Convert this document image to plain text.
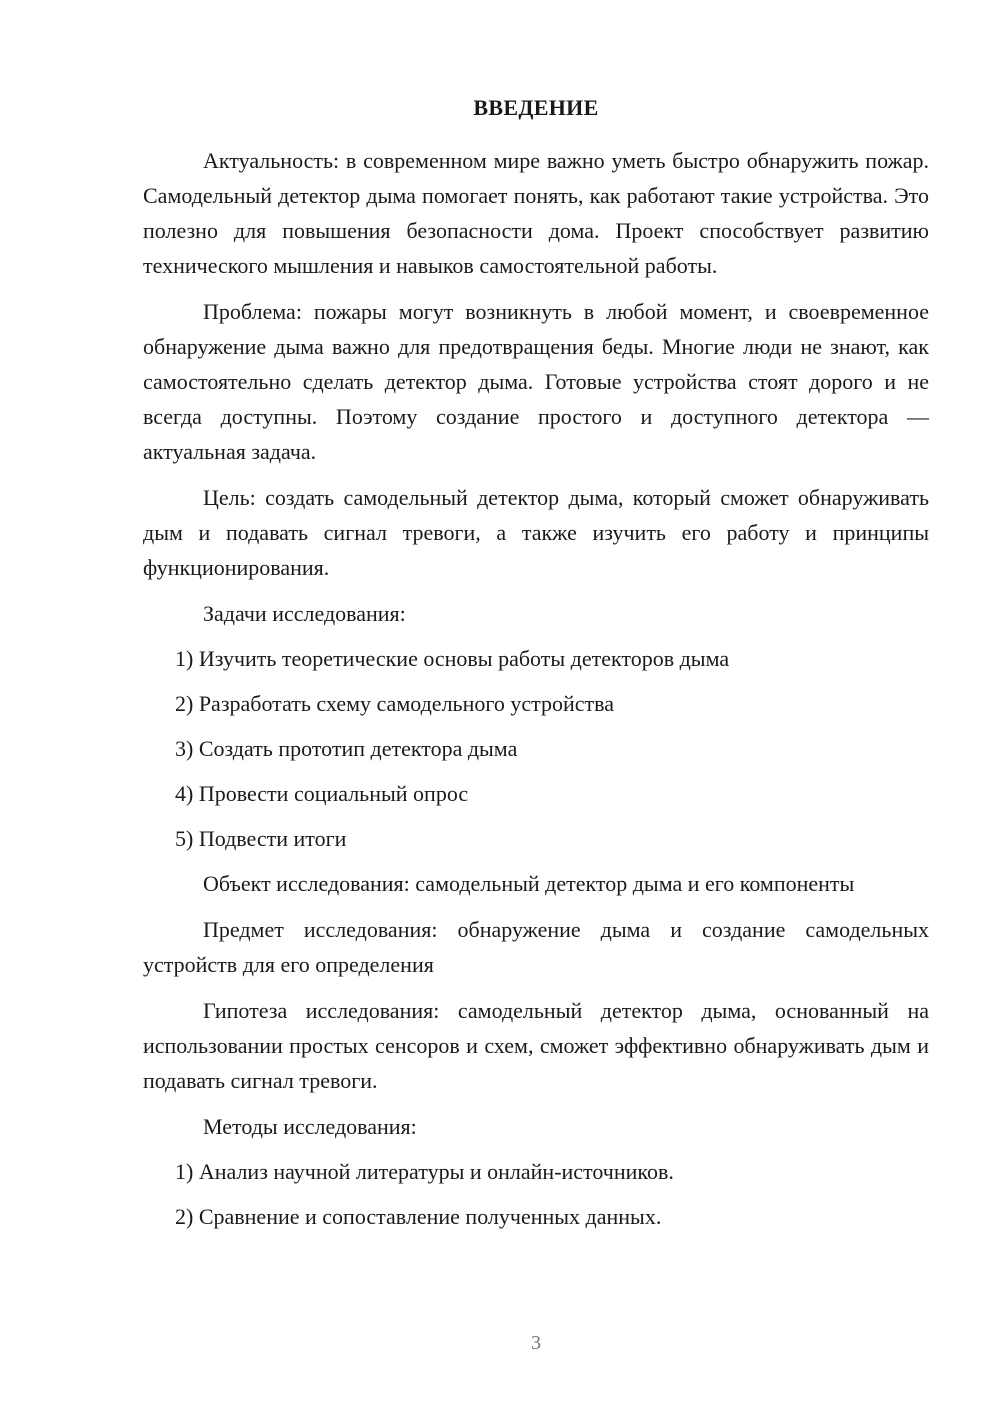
ВВЕДЕНИЕ

Актуальность: в современном мире важно уметь быстро обнаружить пожар. Самодельный детектор дыма помогает понять, как работают такие устройства. Это полезно для повышения безопасности дома. Проект способствует развитию технического мышления и навыков самостоятельной работы.

Проблема: пожары могут возникнуть в любой момент, и своевременное обнаружение дыма важно для предотвращения беды. Многие люди не знают, как самостоятельно сделать детектор дыма. Готовые устройства стоят дорого и не всегда доступны. Поэтому создание простого и доступного детектора — актуальная задача.

Цель: создать самодельный детектор дыма, который сможет обнаруживать дым и подавать сигнал тревоги, а также изучить его работу и принципы функционирования.

Задачи исследования:
1) Изучить теоретические основы работы детекторов дыма
2) Разработать схему самодельного устройства
3) Создать прототип детектора дыма
4) Провести социальный опрос
5) Подвести итоги

Объект исследования: самодельный детектор дыма и его компоненты

Предмет исследования: обнаружение дыма и создание самодельных устройств для его определения

Гипотеза исследования: самодельный детектор дыма, основанный на использовании простых сенсоров и схем, сможет эффективно обнаруживать дым и подавать сигнал тревоги.

Методы исследования:
1) Анализ научной литературы и онлайн-источников.
2) Сравнение и сопоставление полученных данных.
3
